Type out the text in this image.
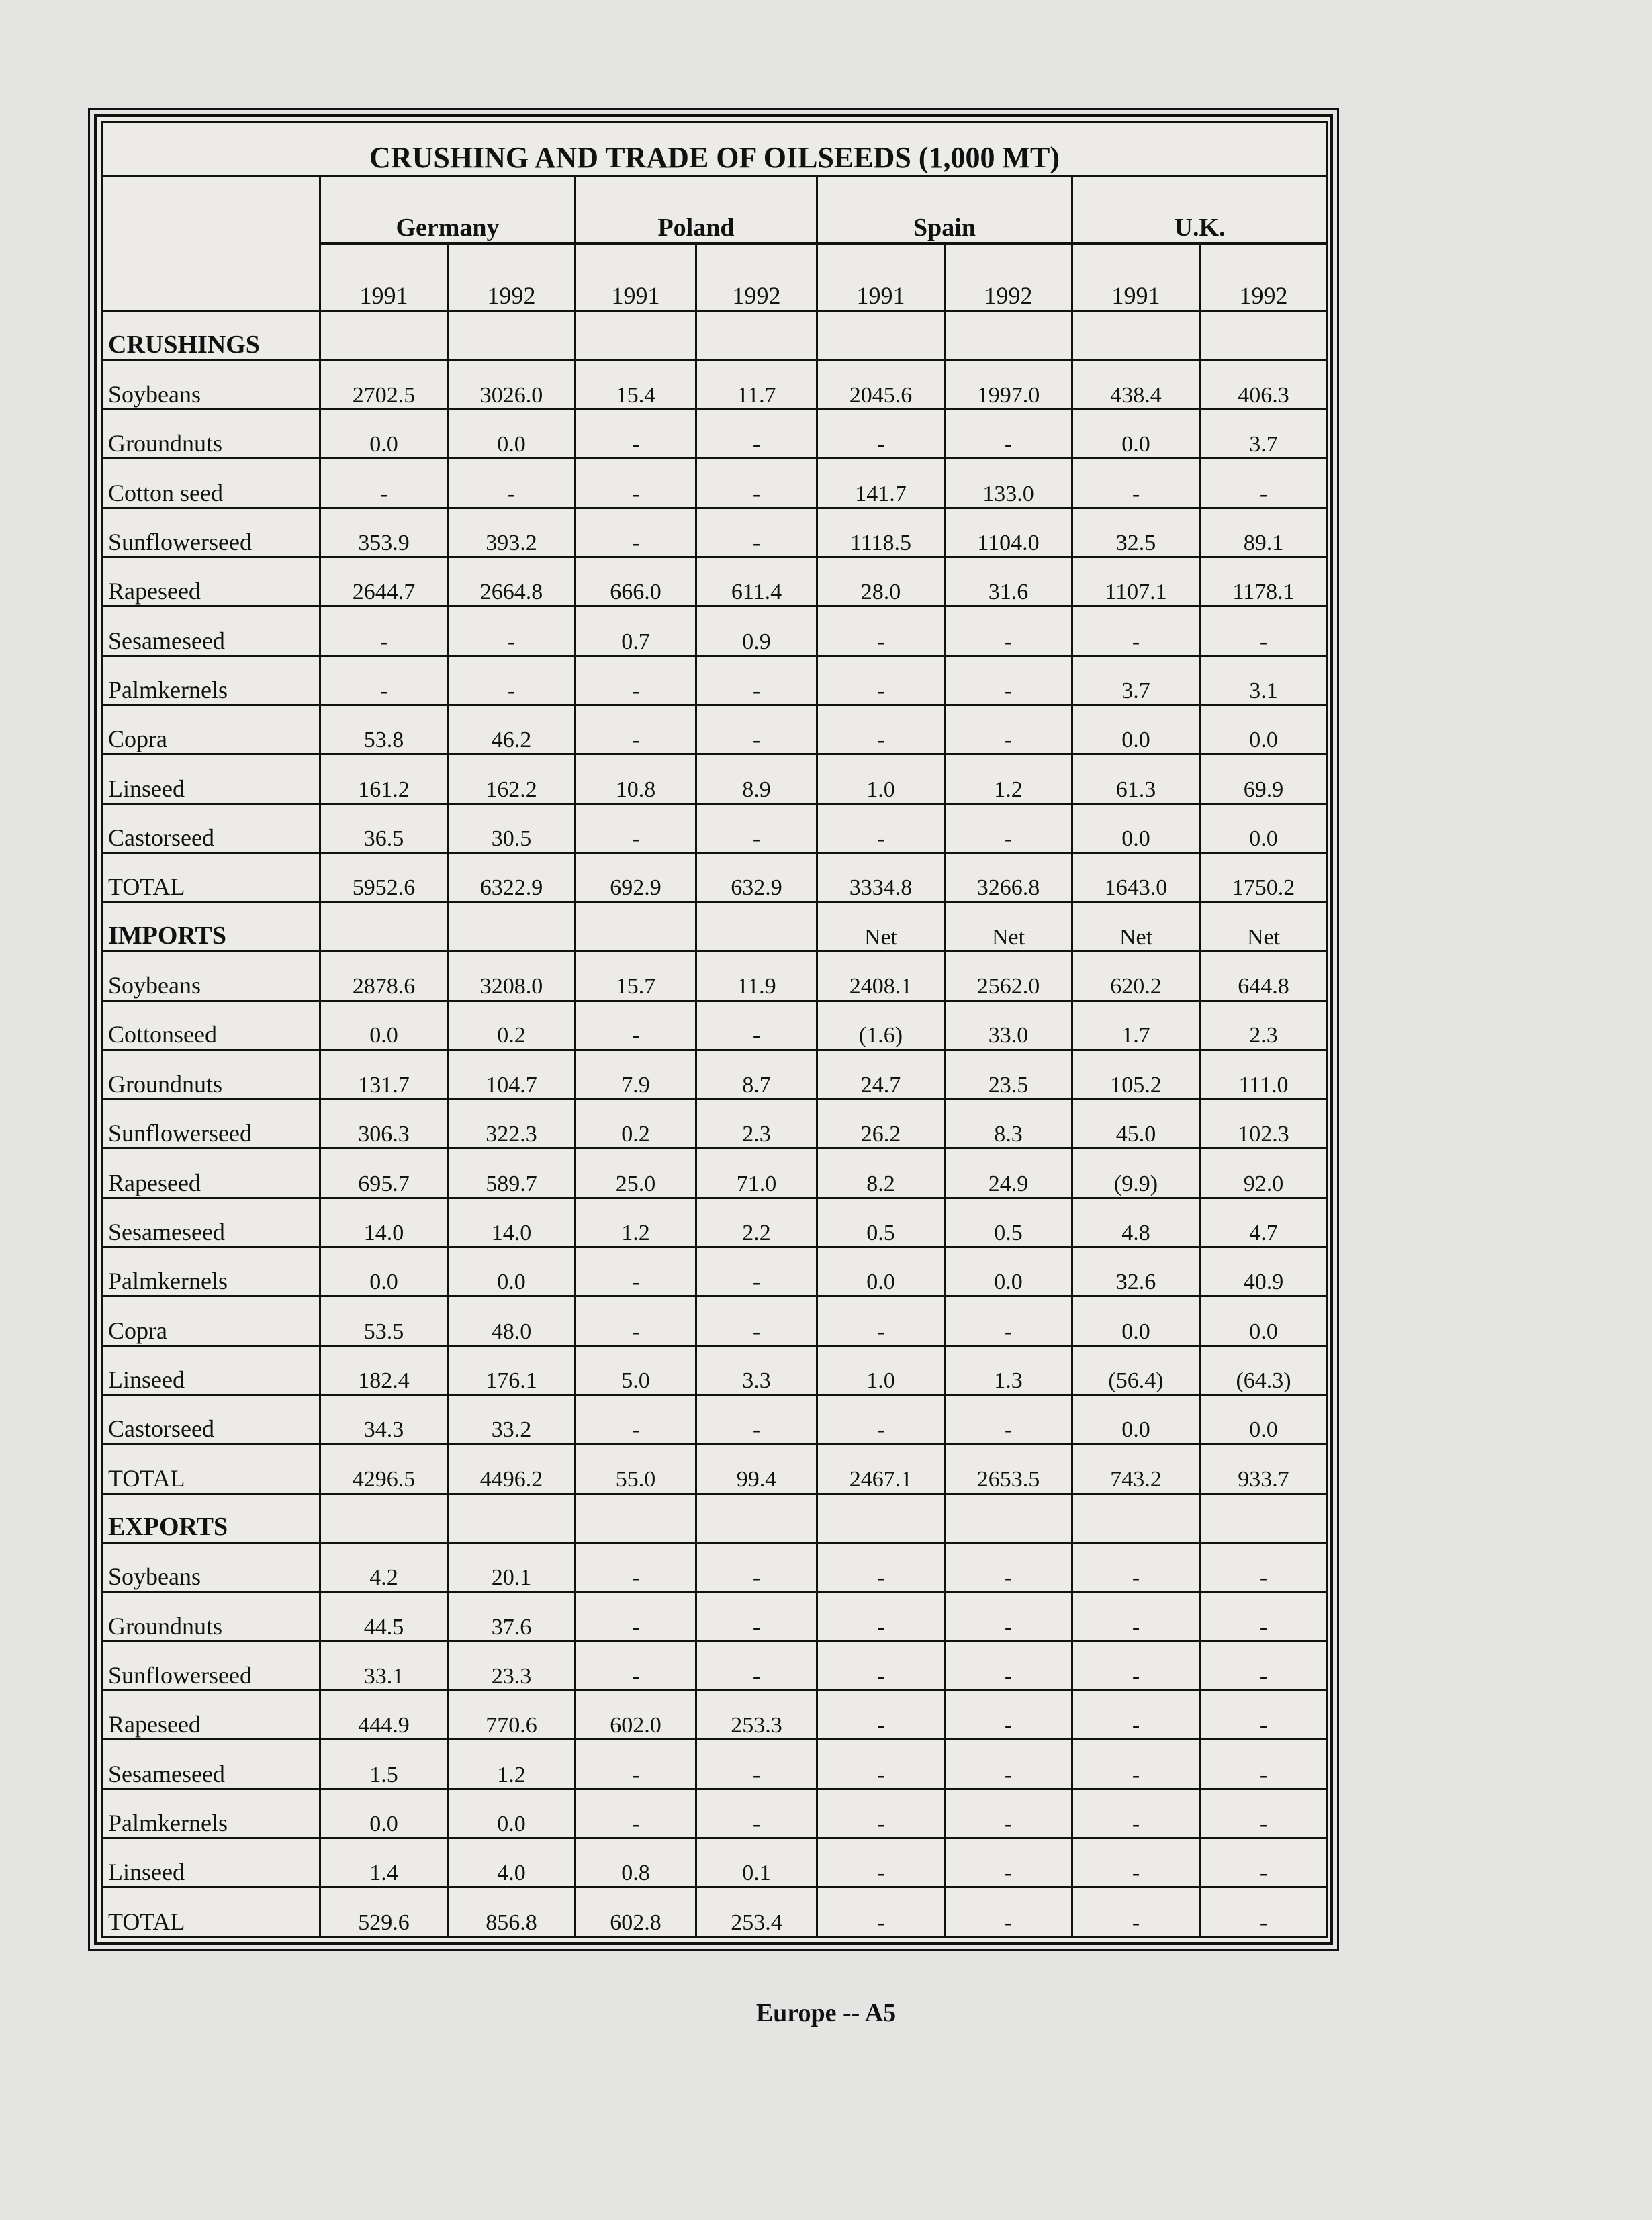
CRUSHING AND TRADE OF OILSEEDS (1,000 MT)								
	Germany		Poland		Spain		U.K.	
	1991	1992	1991	1992	1991	1992	1991	1992
CRUSHINGS								
Soybeans	2702.5	3026.0	15.4	11.7	2045.6	1997.0	438.4	406.3
Groundnuts	0.0	0.0	-	-	-	-	0.0	3.7
Cotton seed	-	-	-	-	141.7	133.0	-	-
Sunflowerseed	353.9	393.2	-	-	1118.5	1104.0	32.5	89.1
Rapeseed	2644.7	2664.8	666.0	611.4	28.0	31.6	1107.1	1178.1
Sesameseed	-	-	0.7	0.9	-	-	-	-
Palmkernels	-	-	-	-	-	-	3.7	3.1
Copra	53.8	46.2	-	-	-	-	0.0	0.0
Linseed	161.2	162.2	10.8	8.9	1.0	1.2	61.3	69.9
Castorseed	36.5	30.5	-	-	-	-	0.0	0.0
TOTAL	5952.6	6322.9	692.9	632.9	3334.8	3266.8	1643.0	1750.2
IMPORTS					Net	Net	Net	Net
Soybeans	2878.6	3208.0	15.7	11.9	2408.1	2562.0	620.2	644.8
Cottonseed	0.0	0.2	-	-	(1.6)	33.0	1.7	2.3
Groundnuts	131.7	104.7	7.9	8.7	24.7	23.5	105.2	111.0
Sunflowerseed	306.3	322.3	0.2	2.3	26.2	8.3	45.0	102.3
Rapeseed	695.7	589.7	25.0	71.0	8.2	24.9	(9.9)	92.0
Sesameseed	14.0	14.0	1.2	2.2	0.5	0.5	4.8	4.7
Palmkernels	0.0	0.0	-	-	0.0	0.0	32.6	40.9
Copra	53.5	48.0	-	-	-	-	0.0	0.0
Linseed	182.4	176.1	5.0	3.3	1.0	1.3	(56.4)	(64.3)
Castorseed	34.3	33.2	-	-	-	-	0.0	0.0
TOTAL	4296.5	4496.2	55.0	99.4	2467.1	2653.5	743.2	933.7
EXPORTS								
Soybeans	4.2	20.1	-	-	-	-	-	-
Groundnuts	44.5	37.6	-	-	-	-	-	-
Sunflowerseed	33.1	23.3	-	-	-	-	-	-
Rapeseed	444.9	770.6	602.0	253.3	-	-	-	-
Sesameseed	1.5	1.2	-	-	-	-	-	-
Palmkernels	0.0	0.0	-	-	-	-	-	-
Linseed	1.4	4.0	0.8	0.1	-	-	-	-
TOTAL	529.6	856.8	602.8	253.4	-	-	-	-
Europe -- A5
